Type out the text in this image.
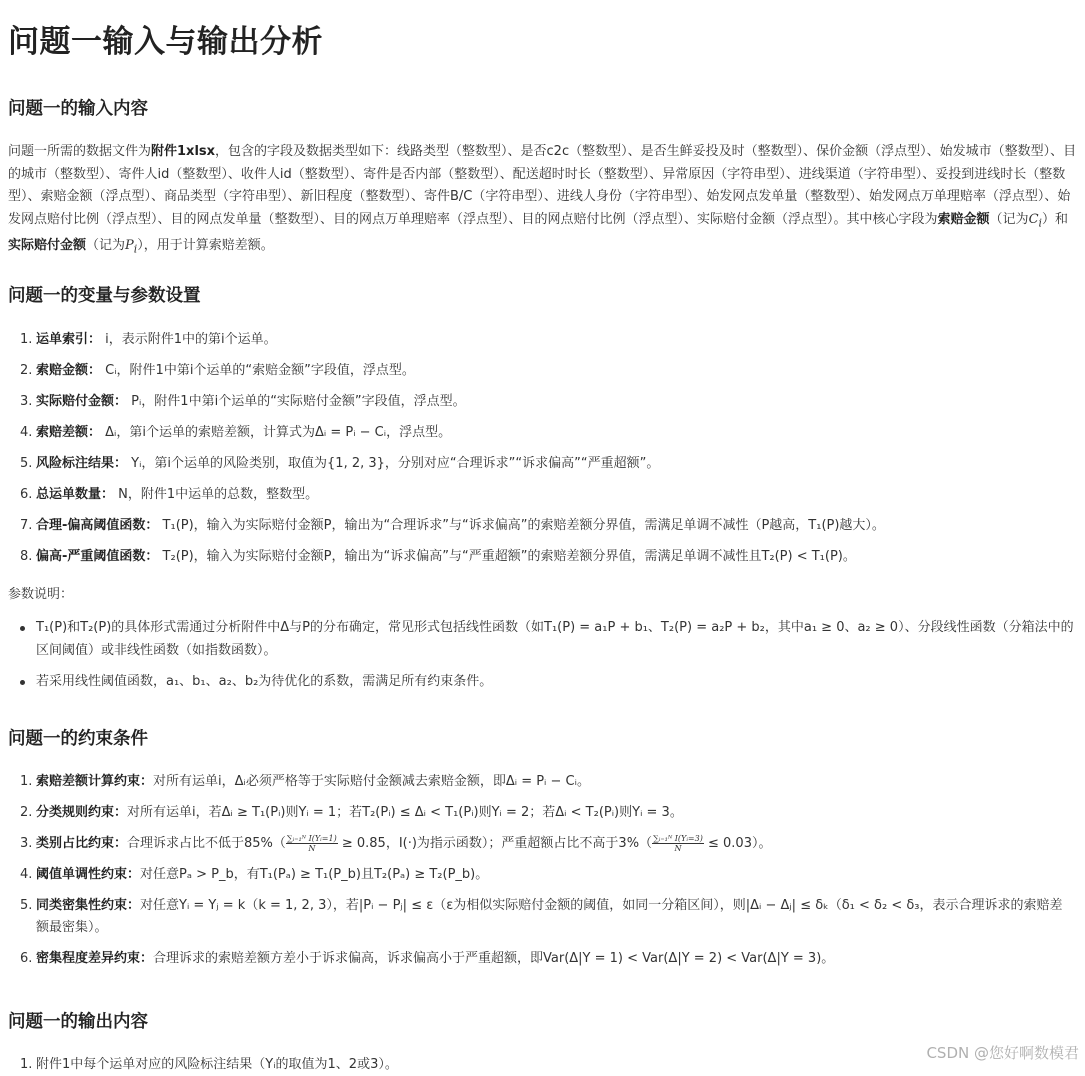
问题一输入与输出分析
问题一的输入内容

问题一所需的数据文件为附件1xlsx，包含的字段及数据类型如下：线路类型（整数型）、是否c2c（整数型）、是否生鲜妥投及时（整数型）、保价金额（浮点型）、始发城市（整数型）、目的城市（整数型）、寄件人id（整数型）、收件人id（整数型）、寄件是否内部（整数型）、配送超时时长（整数型）、异常原因（字符串型）、进线渠道（字符串型）、妥投到进线时长（整数型）、索赔金额（浮点型）、商品类型（字符串型）、新旧程度（整数型）、寄件B/C（字符串型）、进线人身份（字符串型）、始发网点发单量（整数型）、始发网点万单理赔率（浮点型）、始发网点赔付比例（浮点型）、目的网点发单量（整数型）、目的网点万单理赔率（浮点型）、目的网点赔付比例（浮点型）、实际赔付金额（浮点型）。其中核心字段为索赔金额（记为$C_i$）和实际赔付金额（记为$P_i$），用于计算索赔差额。

问题一的变量与参数设置
1. 运单索引： i，表示附件1中的第i个运单。
2. 索赔金额： Cᵢ，附件1中第i个运单的“索赔金额”字段值，浮点型。
3. 实际赔付金额： Pᵢ，附件1中第i个运单的“实际赔付金额”字段值，浮点型。
4. 索赔差额： Δᵢ，第i个运单的索赔差额，计算式为Δᵢ = Pᵢ − Cᵢ，浮点型。
5. 风险标注结果： Yᵢ，第i个运单的风险类别，取值为{1, 2, 3}，分别对应“合理诉求”“诉求偏高”“严重超额”。
6. 总运单数量： N，附件1中运单的总数，整数型。
7. 合理-偏高阈值函数： T₁(P)，输入为实际赔付金额P，输出为“合理诉求”与“诉求偏高”的索赔差额分界值，需满足单调不减性（P越高，T₁(P)越大）。
8. 偏高-严重阈值函数： T₂(P)，输入为实际赔付金额P，输出为“诉求偏高”与“严重超额”的索赔差额分界值，需满足单调不减性且T₂(P) < T₁(P)。
参数说明：
T₁(P)和T₂(P)的具体形式需通过分析附件中Δ与P的分布确定，常见形式包括线性函数（如T₁(P) = a₁P + b₁、T₂(P) = a₂P + b₂，其中a₁ ≥ 0、a₂ ≥ 0）、分段线性函数（分箱法中的区间阈值）或非线性函数（如指数函数）。
若采用线性阈值函数，a₁、b₁、a₂、b₂为待优化的系数，需满足所有约束条件。
问题一的约束条件
1. 索赔差额计算约束：对所有运单i，Δᵢ必须严格等于实际赔付金额减去索赔金额，即Δᵢ = Pᵢ − Cᵢ。
2. 分类规则约束：对所有运单i，若Δᵢ ≥ T₁(Pᵢ)则Yᵢ = 1；若T₂(Pᵢ) ≤ Δᵢ < T₁(Pᵢ)则Yᵢ = 2；若Δᵢ < T₂(Pᵢ)则Yᵢ = 3。
3. 类别占比约束：合理诉求占比不低于$85\%( \frac{\text{∑ᵢ₌₁ᴺ I(Yᵢ=1)}}{N} \ge 0.85$，I(·)为指示函数）；严重超额占比不高于$3\%( \frac{\text{∑ᵢ₌₁ᴺ I(Yᵢ=3)}}{N} \le 0.03)$。
4. 阈值单调性约束：对任意Pₐ > P_b，有T₁(Pₐ) ≥ T₁(P_b)且T₂(Pₐ) ≥ T₂(P_b)。
5. 同类密集性约束：对任意Yᵢ = Yⱼ = k（k = 1, 2, 3），若|Pᵢ − Pⱼ| ≤ ε（ε为相似实际赔付金额的阈值，如同一分箱区间），则|Δᵢ − Δⱼ| ≤ δₖ（δ₁ < δ₂ < δ₃，表示合理诉求的索赔差额最密集）。
6. 密集程度差异约束：合理诉求的索赔差额方差小于诉求偏高，诉求偏高小于严重超额，即Var(Δ|Y = 1) < Var(Δ|Y = 2) < Var(Δ|Y = 3)。
问题一的输出内容
1. 附件1中每个运单对应的风险标注结果（Yᵢ的取值为1、2或3）。
CSDN @您好啊数模君
